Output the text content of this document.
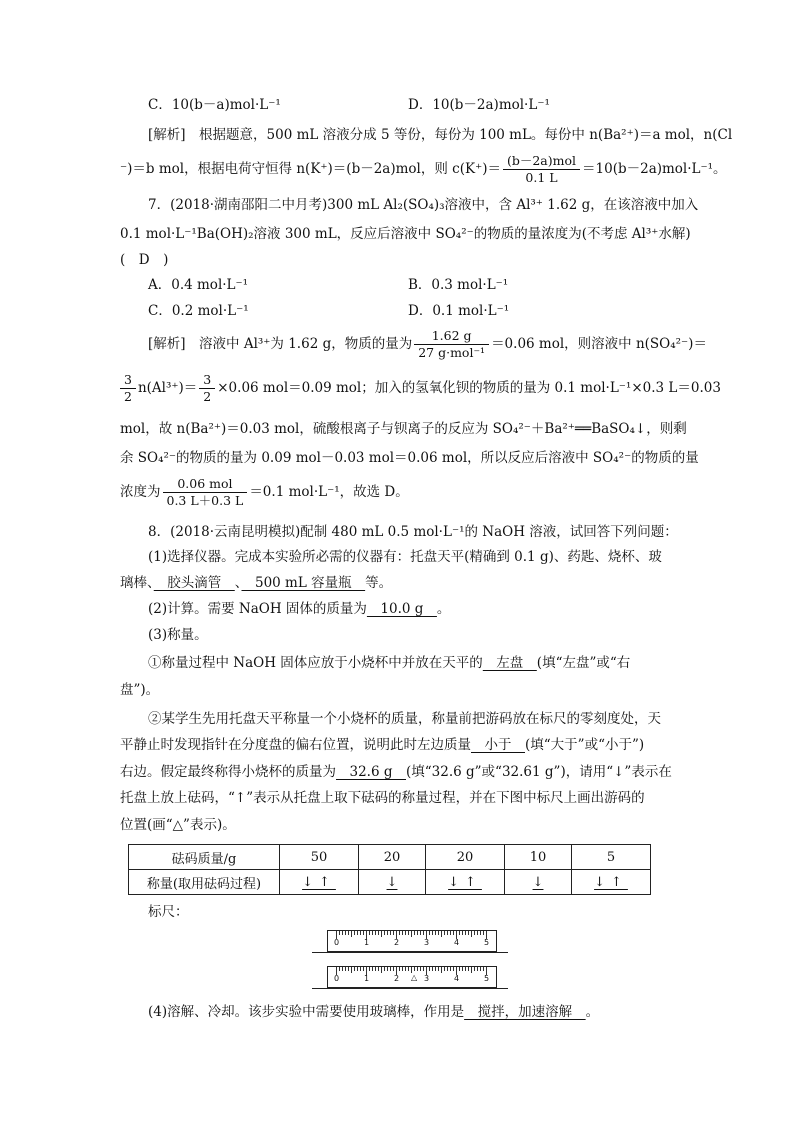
C．10(b－a)mol·L⁻¹	D．10(b－2a)mol·L⁻¹
[解析]　根据题意，500 mL 溶液分成 5 等份，每份为 100 mL。每份中 n(Ba²⁺)＝a mol，n(Cl
⁻)＝b mol，根据电荷守恒得 n(K⁺)＝(b－2a)mol，则 $c(K^+)= \frac{\text{(b－2a)mol}}{0.1 L} =10(b-2a)mol\cdot L^{-1}$。
7．(2018·湖南邵阳二中月考)300 mL Al₂(SO₄)₃溶液中，含 Al³⁺ 1.62 g，在该溶液中加入
0.1 mol·L⁻¹Ba(OH)₂溶液 300 mL，反应后溶液中 SO₄²⁻的物质的量浓度为(不考虑 Al³⁺水解)
(　D　)
A．0.4 mol·L⁻¹	B．0.3 mol·L⁻¹
C．0.2 mol·L⁻¹	D．0.1 mol·L⁻¹
[解析]　溶液中 Al³⁺为 1.62 g，物质的量为 $\frac{1.62 g}{\text{27 g·mol⁻¹}} =0.06$ mol，则溶液中 n(SO₄²⁻)＝
$\frac{3}{2} n(Al^{3+})= \frac{3}{2} \times 0.06$ mol＝0.09 mol；加入的氢氧化钡的物质的量为 0.1 mol·L⁻¹×0.3 L＝0.03
mol，故 n(Ba²⁺)＝0.03 mol，硫酸根离子与钡离子的反应为 SO₄²⁻＋Ba²⁺══BaSO₄↓，则剩
余 SO₄²⁻的物质的量为 0.09 mol－0.03 mol＝0.06 mol，所以反应后溶液中 SO₄²⁻的物质的量
浓度为 $\frac{\text{0.06 mol}}{0.3 L+0.3 L} =0.1$ mol·L⁻¹，故选 D。
8．(2018·云南昆明模拟)配制 480 mL 0.5 mol·L⁻¹的 NaOH 溶液，试回答下列问题：
(1)选择仪器。完成本实验所必需的仪器有：托盘天平(精确到 0.1 g)、药匙、烧杯、玻
璃棒、　胶头滴管　、　500 mL 容量瓶　等。
(2)计算。需要 NaOH 固体的质量为　10.0 g　。
(3)称量。
①称量过程中 NaOH 固体应放于小烧杯中并放在天平的　左盘　(填“左盘”或“右
盘”)。
②某学生先用托盘天平称量一个小烧杯的质量，称量前把游码放在标尺的零刻度处，天
平静止时发现指针在分度盘的偏右位置，说明此时左边质量　小于　(填“大于”或“小于”)
右边。假定最终称得小烧杯的质量为　32.6 g　(填“32.6 g”或“32.61 g”)，请用“↓”表示在
托盘上放上砝码，“↑”表示从托盘上取下砝码的称量过程，并在下图中标尺上画出游码的
位置(画“△”表示)。
砝码质量/g	50	20	20	10	5
称量(取用砝码过程)	↓↑	↓	↓↑	↓	↓↑
标尺：
0	1	2	3	4	5
0	1	2	3	4	5
△
(4)溶解、冷却。该步实验中需要使用玻璃棒，作用是　搅拌，加速溶解　。
